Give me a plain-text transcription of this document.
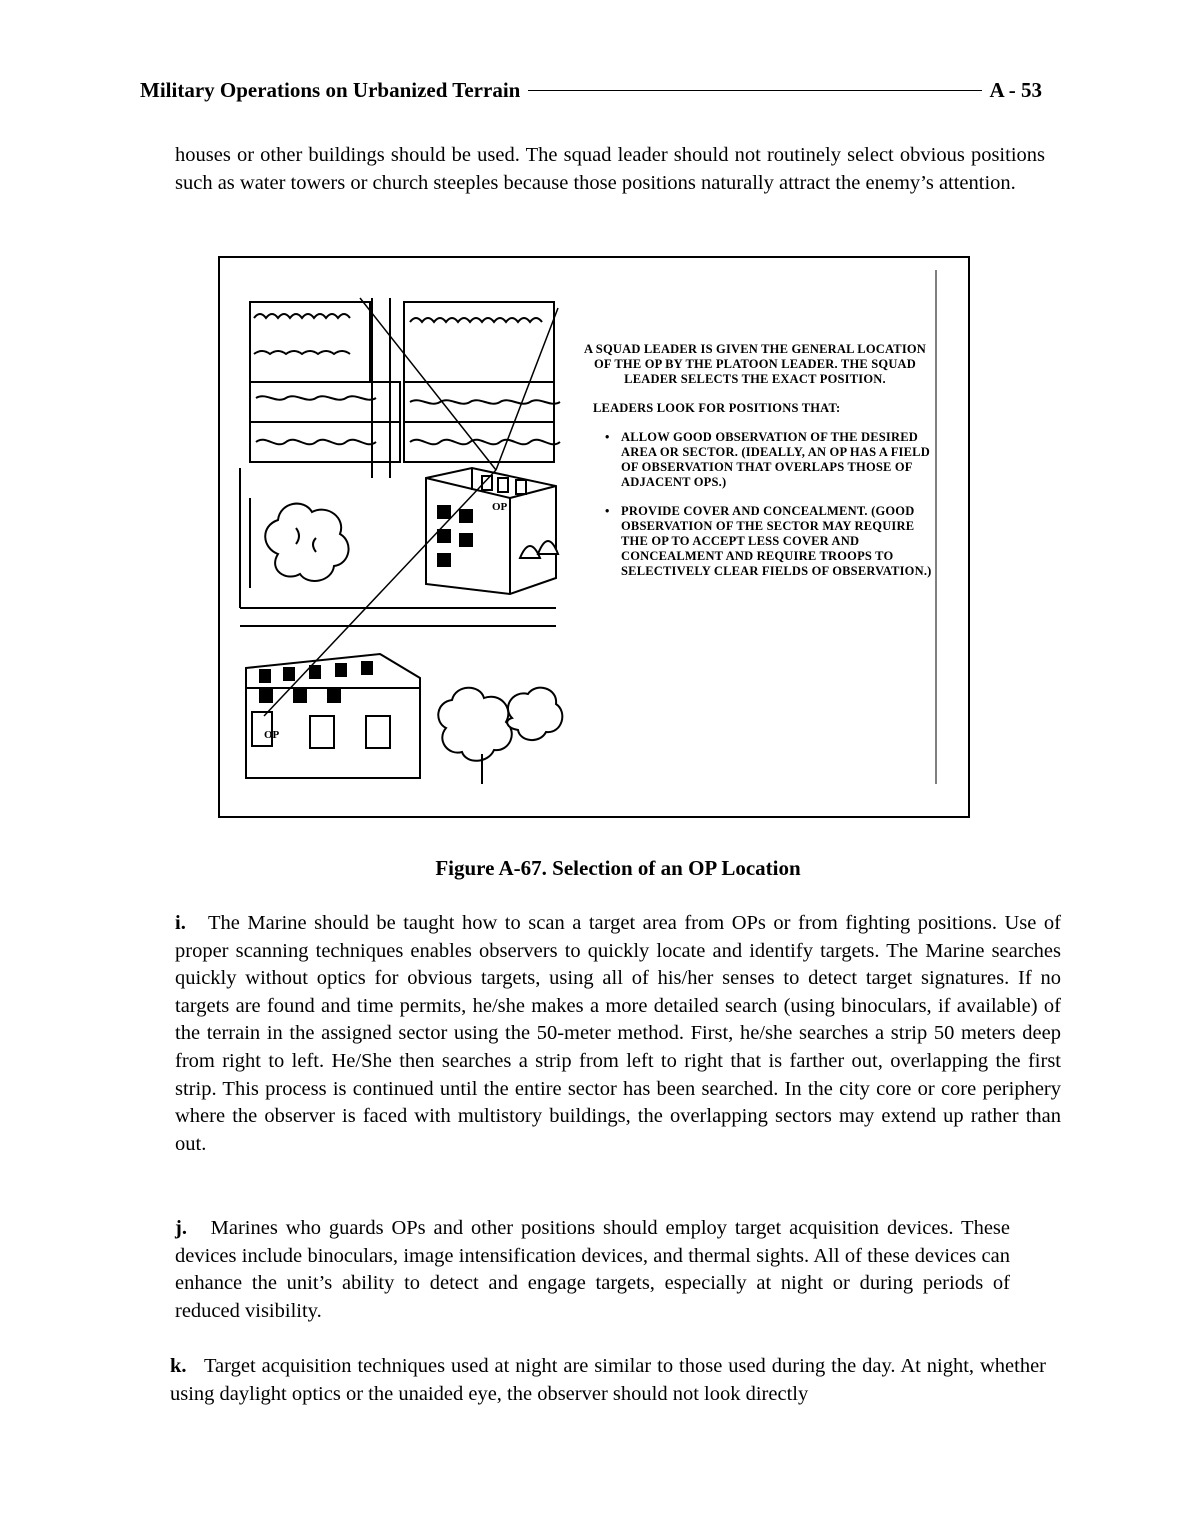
Military Operations on Urbanized Terrain	A - 53

houses or other buildings should be used. The squad leader should not routinely select obvious positions such as water towers or church steeples because those positions naturally attract the enemy’s attention.

OP
OP
A SQUAD LEADER IS GIVEN THE GENERAL LOCATION OF THE OP BY THE PLATOON LEADER. THE SQUAD LEADER SELECTS THE EXACT POSITION.
LEADERS LOOK FOR POSITIONS THAT:
• ALLOW GOOD OBSERVATION OF THE DESIRED AREA OR SECTOR. (IDEALLY, AN OP HAS A FIELD OF OBSERVATION THAT OVERLAPS THOSE OF ADJACENT OPS.)
• PROVIDE COVER AND CONCEALMENT. (GOOD OBSERVATION OF THE SECTOR MAY REQUIRE THE OP TO ACCEPT LESS COVER AND CONCEALMENT AND REQUIRE TROOPS TO SELECTIVELY CLEAR FIELDS OF OBSERVATION.)
Figure A-67. Selection of an OP Location

i. The Marine should be taught how to scan a target area from OPs or from fighting positions. Use of proper scanning techniques enables observers to quickly locate and identify targets. The Marine searches quickly without optics for obvious targets, using all of his/her senses to detect target signatures. If no targets are found and time permits, he/she makes a more detailed search (using binoculars, if available) of the terrain in the assigned sector using the 50-meter method. First, he/she searches a strip 50 meters deep from right to left. He/She then searches a strip from left to right that is farther out, overlapping the first strip. This process is continued until the entire sector has been searched. In the city core or core periphery where the observer is faced with multistory buildings, the overlapping sectors may extend up rather than out.

j. Marines who guards OPs and other positions should employ target acquisition devices. These devices include binoculars, image intensification devices, and thermal sights. All of these devices can enhance the unit’s ability to detect and engage targets, especially at night or during periods of reduced visibility.

k. Target acquisition techniques used at night are similar to those used during the day. At night, whether using daylight optics or the unaided eye, the observer should not look directly
